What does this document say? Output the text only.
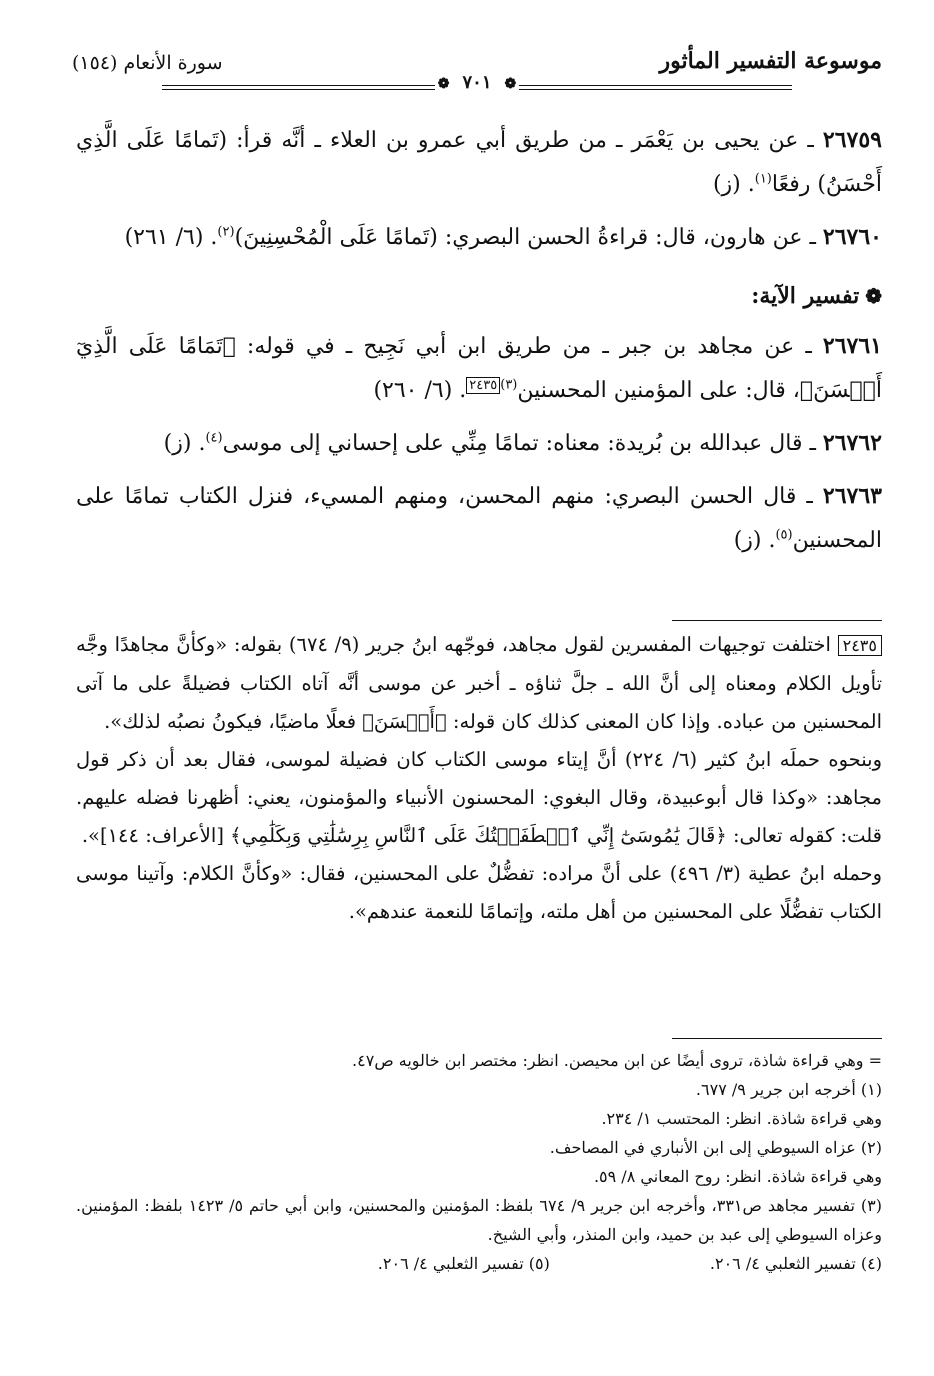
موسوعة التفسير المأثور
سورة الأنعام (١٥٤)
❁٧٠١❁

٢٦٧٥٩ ـ عن يحيى بن يَعْمَر ـ من طريق أبي عمرو بن العلاء ـ أنَّه قرأ: (تَمامًا عَلَى الَّذِي أَحْسَنُ) رفعًا$^{(١)}$. (ز)

٢٦٧٦٠ ـ عن هارون، قال: قراءةُ الحسن البصري: (تَمامًا عَلَى الْمُحْسِنِينَ)$^{(٢)}$. (٦/ ٢٦١)

❁تفسير الآية:

٢٦٧٦١ ـ عن مجاهد بن جبر ـ من طريق ابن أبي نَجِيح ـ في قوله: ﴿تَمَامًا عَلَى الَّذِيٓ أَحۡسَنَ﴾، قال: على المؤمنين المحسنين$^{(٣)٢٤٣٥}$. (٦/ ٢٦٠)

٢٦٧٦٢ ـ قال عبدالله بن بُريدة: معناه: تمامًا مِنِّي على إحساني إلى موسى$^{(٤)}$. (ز)

٢٦٧٦٣ ـ قال الحسن البصري: منهم المحسن، ومنهم المسيء، فنزل الكتاب تمامًا على المحسنين$^{(٥)}$. (ز)

٢٤٣٥ اختلفت توجيهات المفسرين لقول مجاهد، فوجّهه ابنُ جرير (٩/ ٦٧٤) بقوله: «وكأنَّ مجاهدًا وجَّه تأويل الكلام ومعناه إلى أنَّ الله ـ جلَّ ثناؤه ـ أخبر عن موسى أنَّه آتاه الكتاب فضيلةً على ما آتى المحسنين من عباده. وإذا كان المعنى كذلك كان قوله: ﴿أَحۡسَنَ﴾ فعلًا ماضيًا، فيكونُ نصبُه لذلك».

وبنحوه حملَه ابنُ كثير (٦/ ٢٢٤) أنَّ إيتاء موسى الكتاب كان فضيلة لموسى، فقال بعد أن ذكر قول مجاهد: «وكذا قال أبوعبيدة، وقال البغوي: المحسنون الأنبياء والمؤمنون، يعني: أظهرنا فضله عليهم. قلت: كقوله تعالى: ﴿قَالَ يَٰمُوسَىٰٓ إِنِّي ٱصۡطَفَيۡتُكَ عَلَى ٱلنَّاسِ بِرِسَٰلَٰتِي وَبِكَلَٰمِي﴾ [الأعراف: ١٤٤]».

وحمله ابنُ عطية (٣/ ٤٩٦) على أنَّ مراده: تفضُّلٌ على المحسنين، فقال: «وكأنَّ الكلام: وآتينا موسى الكتاب تفضُّلًا على المحسنين من أهل ملته، وإتمامًا للنعمة عندهم».

= وهي قراءة شاذة، تروى أيضًا عن ابن محيصن. انظر: مختصر ابن خالويه ص٤٧.

(١) أخرجه ابن جرير ٩/ ٦٧٧.

وهي قراءة شاذة. انظر: المحتسب ١/ ٢٣٤.

(٢) عزاه السيوطي إلى ابن الأنباري في المصاحف.

وهي قراءة شاذة. انظر: روح المعاني ٨/ ٥٩.

(٣) تفسير مجاهد ص٣٣١، وأخرجه ابن جرير ٩/ ٦٧٤ بلفظ: المؤمنين والمحسنين، وابن أبي حاتم ٥/ ١٤٢٣ بلفظ: المؤمنين. وعزاه السيوطي إلى عبد بن حميد، وابن المنذر، وأبي الشيخ.

(٤) تفسير الثعلبي ٤/ ٢٠٦.
(٥) تفسير الثعلبي ٤/ ٢٠٦.
